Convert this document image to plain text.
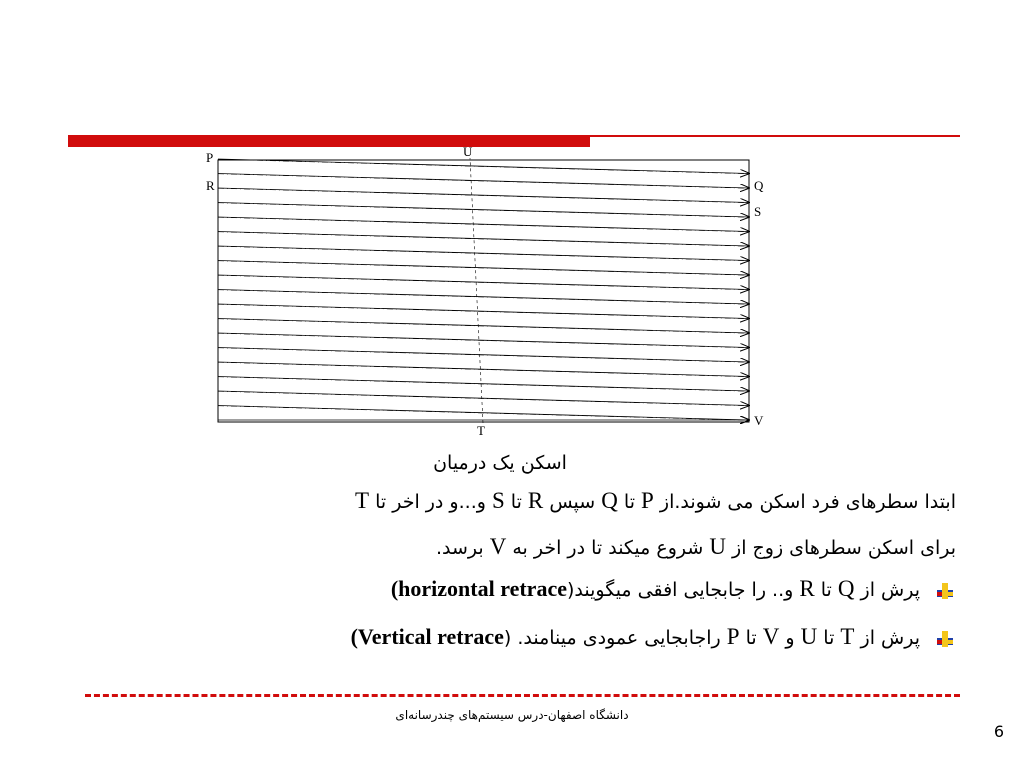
P
R
U
Q
S
V
T
اسکن یک درمیان
ابتدا سطرهای فرد اسکن می شوند.از P تا Q سپس R تا S و...و در اخر تا T
برای اسکن سطرهای زوج از U شروع میکند تا در اخر به V برسد.
پرش از Q تا R و.. را جابجایی افقی میگویند(horizontal retrace)
پرش از T تا U و V تا P راجابجایی عمودی مینامند. (Vertical retrace)
دانشگاه اصفهان-درس سیستم‌های چندرسانه‌ای
6
